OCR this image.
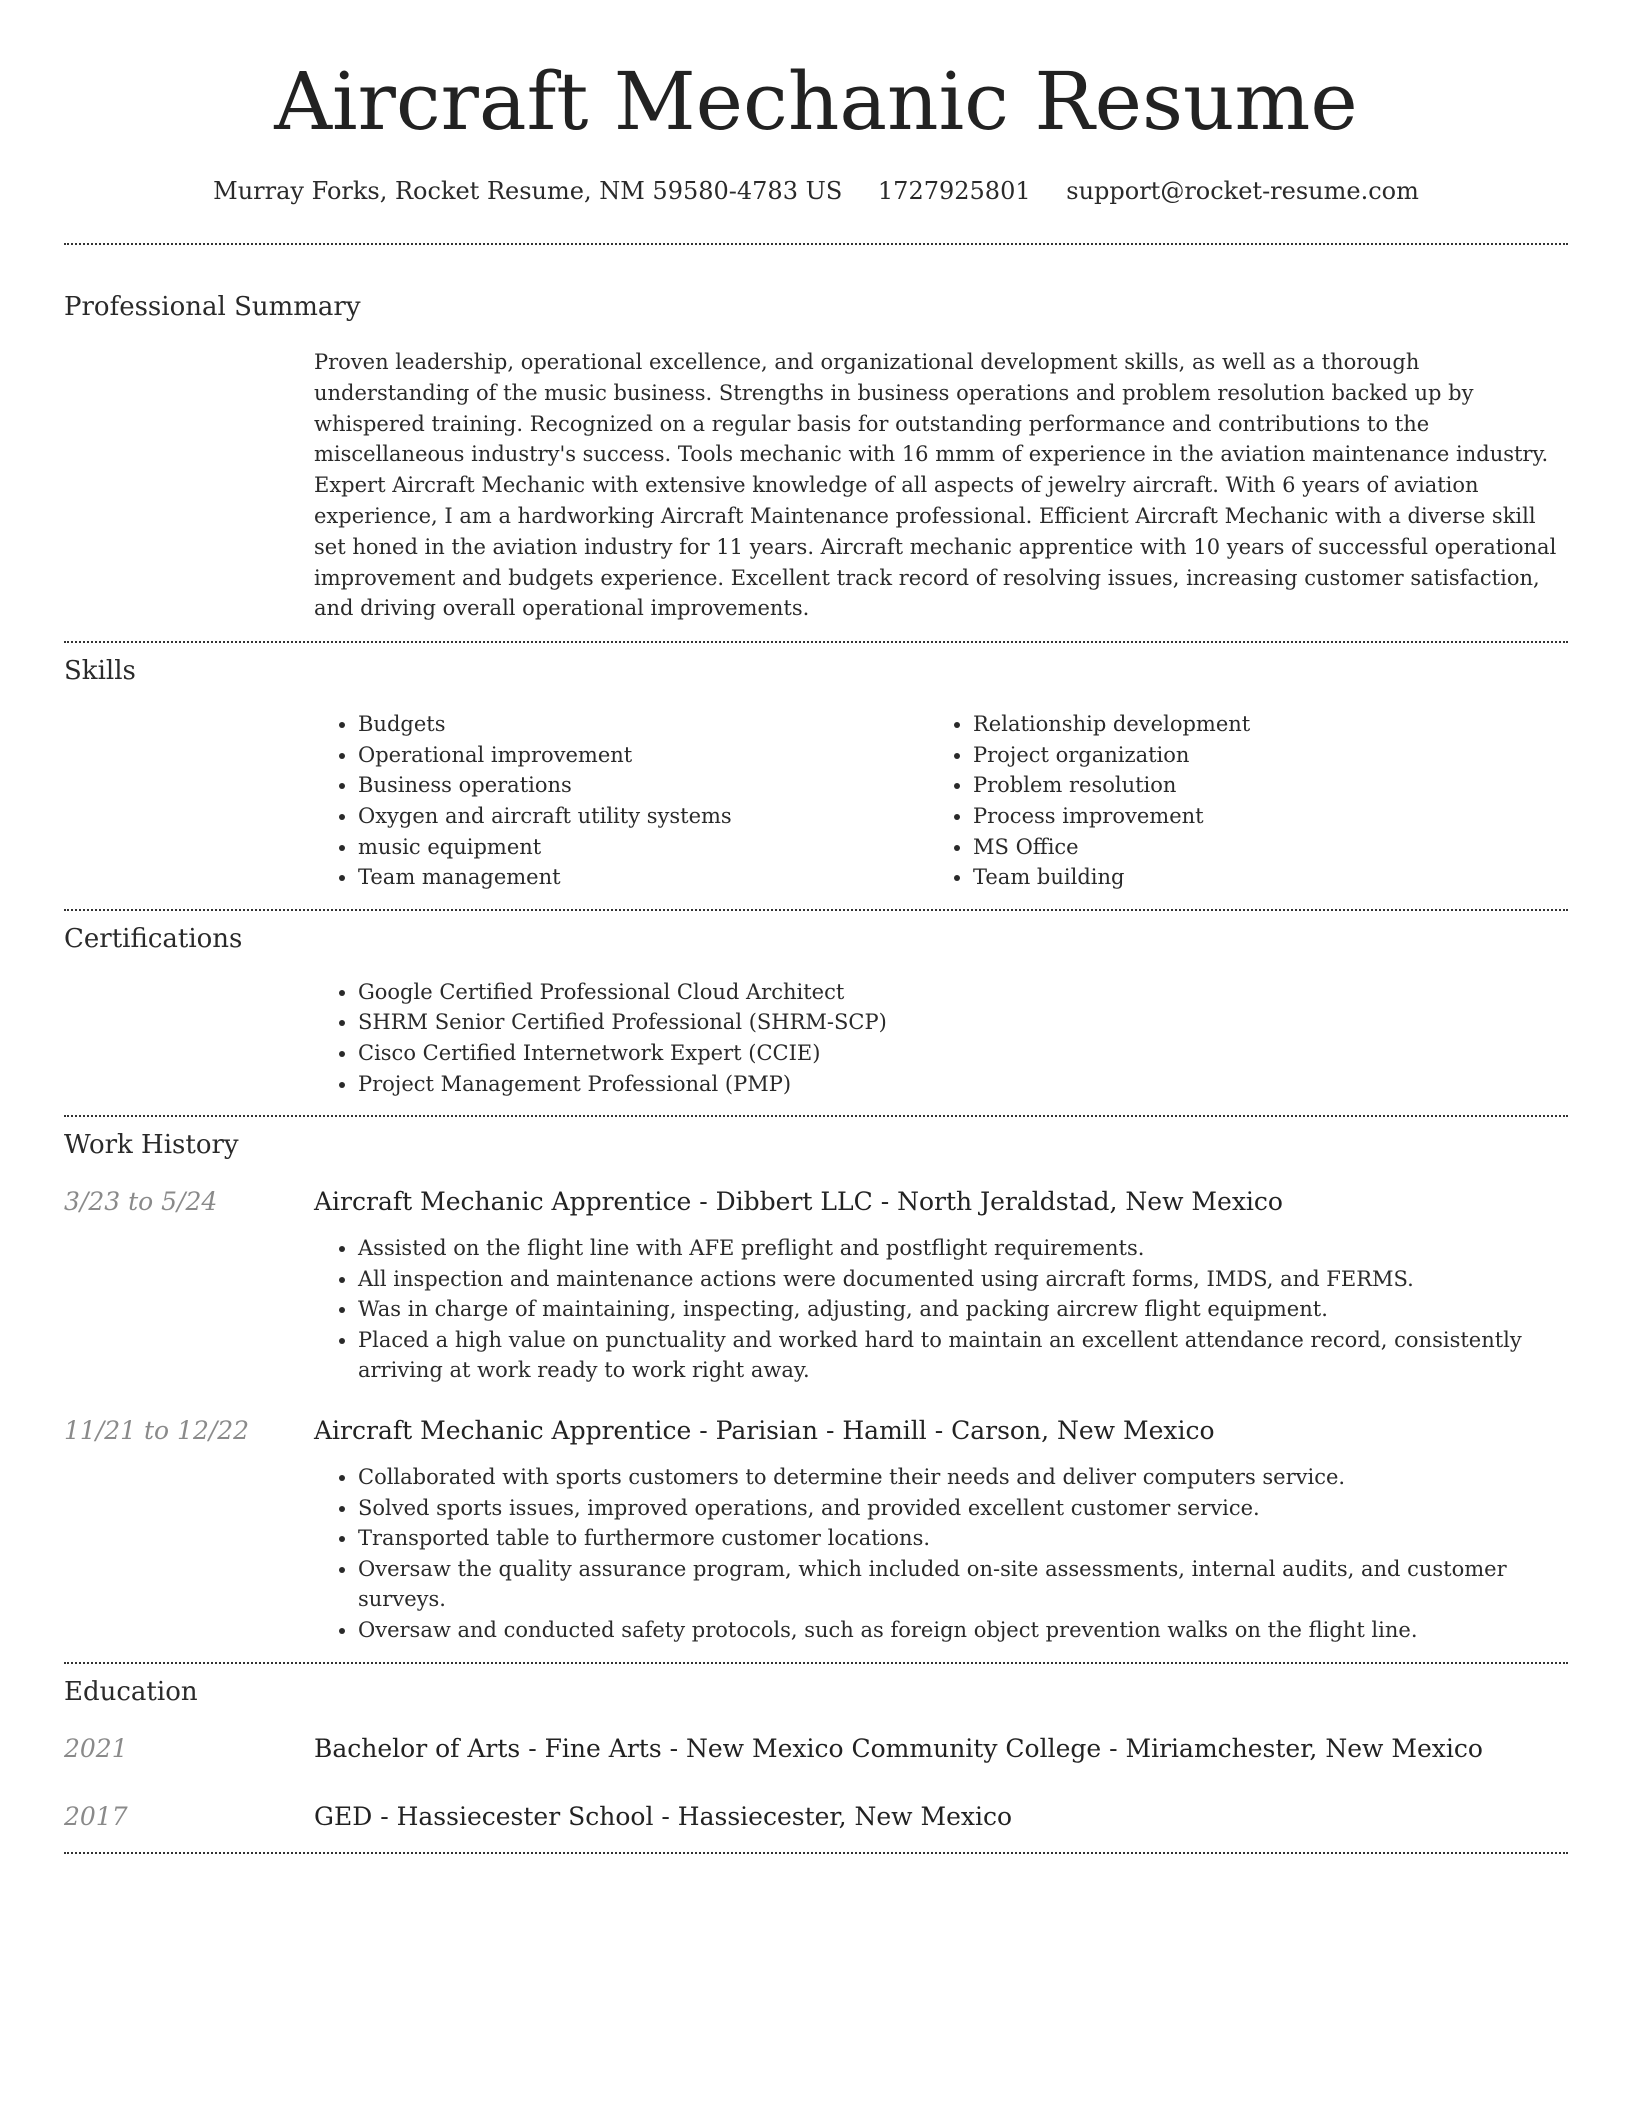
Aircraft Mechanic Resume
Murray Forks, Rocket Resume, NM 59580-4783 US 1727925801 support@rocket-resume.com
Professional Summary
Proven leadership, operational excellence, and organizational development skills, as well as a thorough understanding of the music business. Strengths in business operations and problem resolution backed up by whispered training. Recognized on a regular basis for outstanding performance and contributions to the miscellaneous industry's success. Tools mechanic with 16 mmm of experience in the aviation maintenance industry. Expert Aircraft Mechanic with extensive knowledge of all aspects of jewelry aircraft. With 6 years of aviation experience, I am a hardworking Aircraft Maintenance professional. Efficient Aircraft Mechanic with a diverse skill set honed in the aviation industry for 11 years. Aircraft mechanic apprentice with 10 years of successful operational improvement and budgets experience. Excellent track record of resolving issues, increasing customer satisfaction, and driving overall operational improvements.
Skills
• Budgets
• Operational improvement
• Business operations
• Oxygen and aircraft utility systems
• music equipment
• Team management
• Relationship development
• Project organization
• Problem resolution
• Process improvement
• MS Office
• Team building
Certifications
• Google Certified Professional Cloud Architect
• SHRM Senior Certified Professional (SHRM-SCP)
• Cisco Certified Internetwork Expert (CCIE)
• Project Management Professional (PMP)
Work History
3/23 to 5/24	Aircraft Mechanic Apprentice - Dibbert LLC - North Jeraldstad, New Mexico
• Assisted on the flight line with AFE preflight and postflight requirements.
• All inspection and maintenance actions were documented using aircraft forms, IMDS, and FERMS.
• Was in charge of maintaining, inspecting, adjusting, and packing aircrew flight equipment.
• Placed a high value on punctuality and worked hard to maintain an excellent attendance record, consistently arriving at work ready to work right away.
11/21 to 12/22	Aircraft Mechanic Apprentice - Parisian - Hamill - Carson, New Mexico
• Collaborated with sports customers to determine their needs and deliver computers service.
• Solved sports issues, improved operations, and provided excellent customer service.
• Transported table to furthermore customer locations.
• Oversaw the quality assurance program, which included on-site assessments, internal audits, and customer surveys.
• Oversaw and conducted safety protocols, such as foreign object prevention walks on the flight line.
Education
2021	Bachelor of Arts - Fine Arts - New Mexico Community College - Miriamchester, New Mexico
2017	GED - Hassiecester School - Hassiecester, New Mexico
